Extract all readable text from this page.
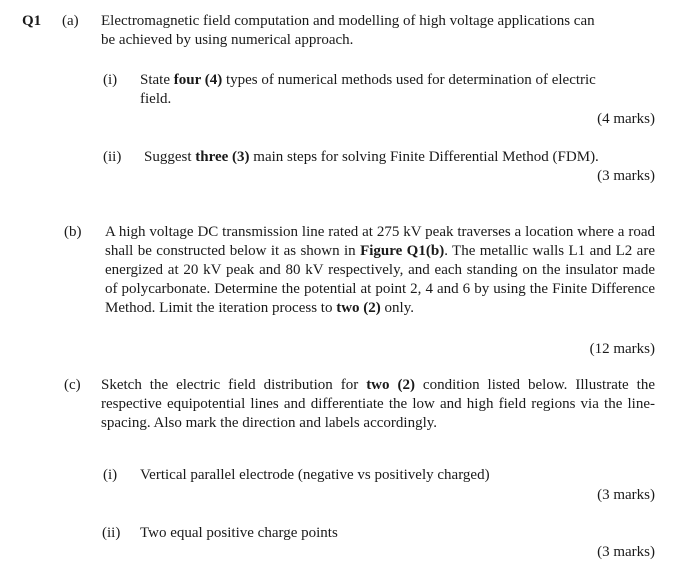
Q1 (a) Electromagnetic field computation and modelling of high voltage applications can
be achieved by using numerical approach.
(i) State four (4) types of numerical methods used for determination of electric
field.
(4 marks)
(ii) Suggest three (3) main steps for solving Finite Differential Method (FDM).
(3 marks)
(b) A high voltage DC transmission line rated at 275 kV peak traverses a location where a road shall be constructed below it as shown in Figure Q1(b). The metallic walls L1 and L2 are energized at 20 kV peak and 80 kV respectively, and each standing on the insulator made of polycarbonate. Determine the potential at point 2, 4 and 6 by using the Finite Difference Method. Limit the iteration process to two (2) only.
(12 marks)
(c) Sketch the electric field distribution for two (2) condition listed below. Illustrate the respective equipotential lines and differentiate the low and high field regions via the line-spacing. Also mark the direction and labels accordingly.
(i) Vertical parallel electrode (negative vs positively charged)
(3 marks)
(ii) Two equal positive charge points
(3 marks)
